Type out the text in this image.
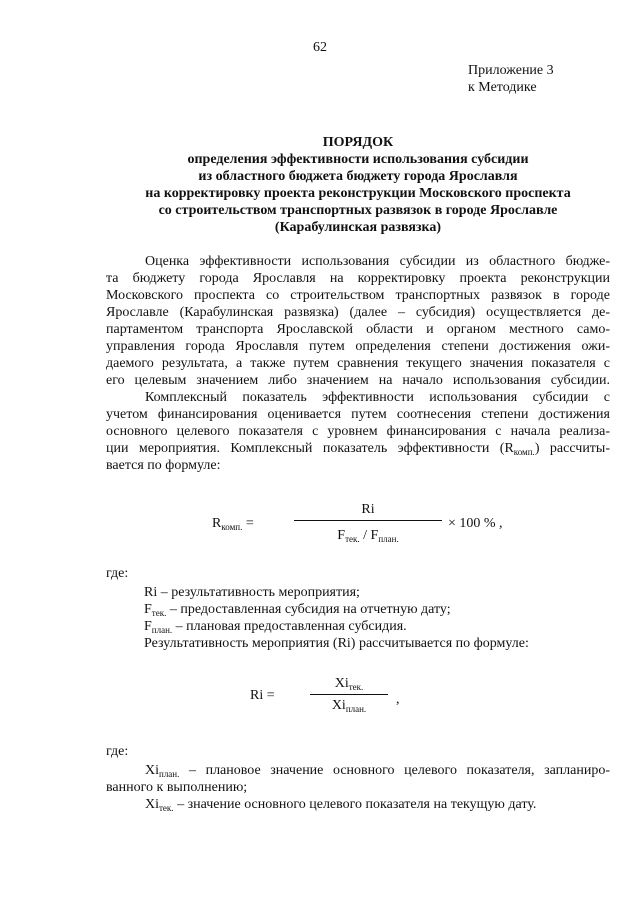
62
Приложение 3
к Методике
ПОРЯДОК
определения эффективности использования субсидии
из областного бюджета бюджету города Ярославля
на корректировку проекта реконструкции Московского проспекта
со строительством транспортных развязок в городе Ярославле
(Карабулинская развязка)
Оценка эффективности использования субсидии из областного бюдже-
та бюджету города Ярославля на корректировку проекта реконструкции
Московского проспекта со строительством транспортных развязок в городе
Ярославле (Карабулинская развязка) (далее – субсидия) осуществляется де-
партаментом транспорта Ярославской области и органом местного само-
управления города Ярославля путем определения степени достижения ожи-
даемого результата, а также путем сравнения текущего значения показателя с
его целевым значением либо значением на начало использования субсидии.
Комплексный показатель эффективности использования субсидии с
учетом финансирования оценивается путем соотнесения степени достижения
основного целевого показателя с уровнем финансирования с начала реализа-
ции мероприятия. Комплексный показатель эффективности $(R_{комп.})$ рассчиты-
вается по формуле:
$R_{комп.}$ =
Ri
$F_{тек.} / F_{план.}$
× 100 % ,
где:
Ri – результативность мероприятия;
$F_{тек.}$ – предоставленная субсидия на отчетную дату;
$F_{план.}$ – плановая предоставленная субсидия.
Результативность мероприятия (Ri) рассчитывается по формуле:
Ri =
$Xi_{тек.}$
$Xi_{план.}$
,
где:
$Xi_{план.}$ – плановое значение основного целевого показателя, запланиро-
ванного к выполнению;
$Xi_{тек.}$ – значение основного целевого показателя на текущую дату.
